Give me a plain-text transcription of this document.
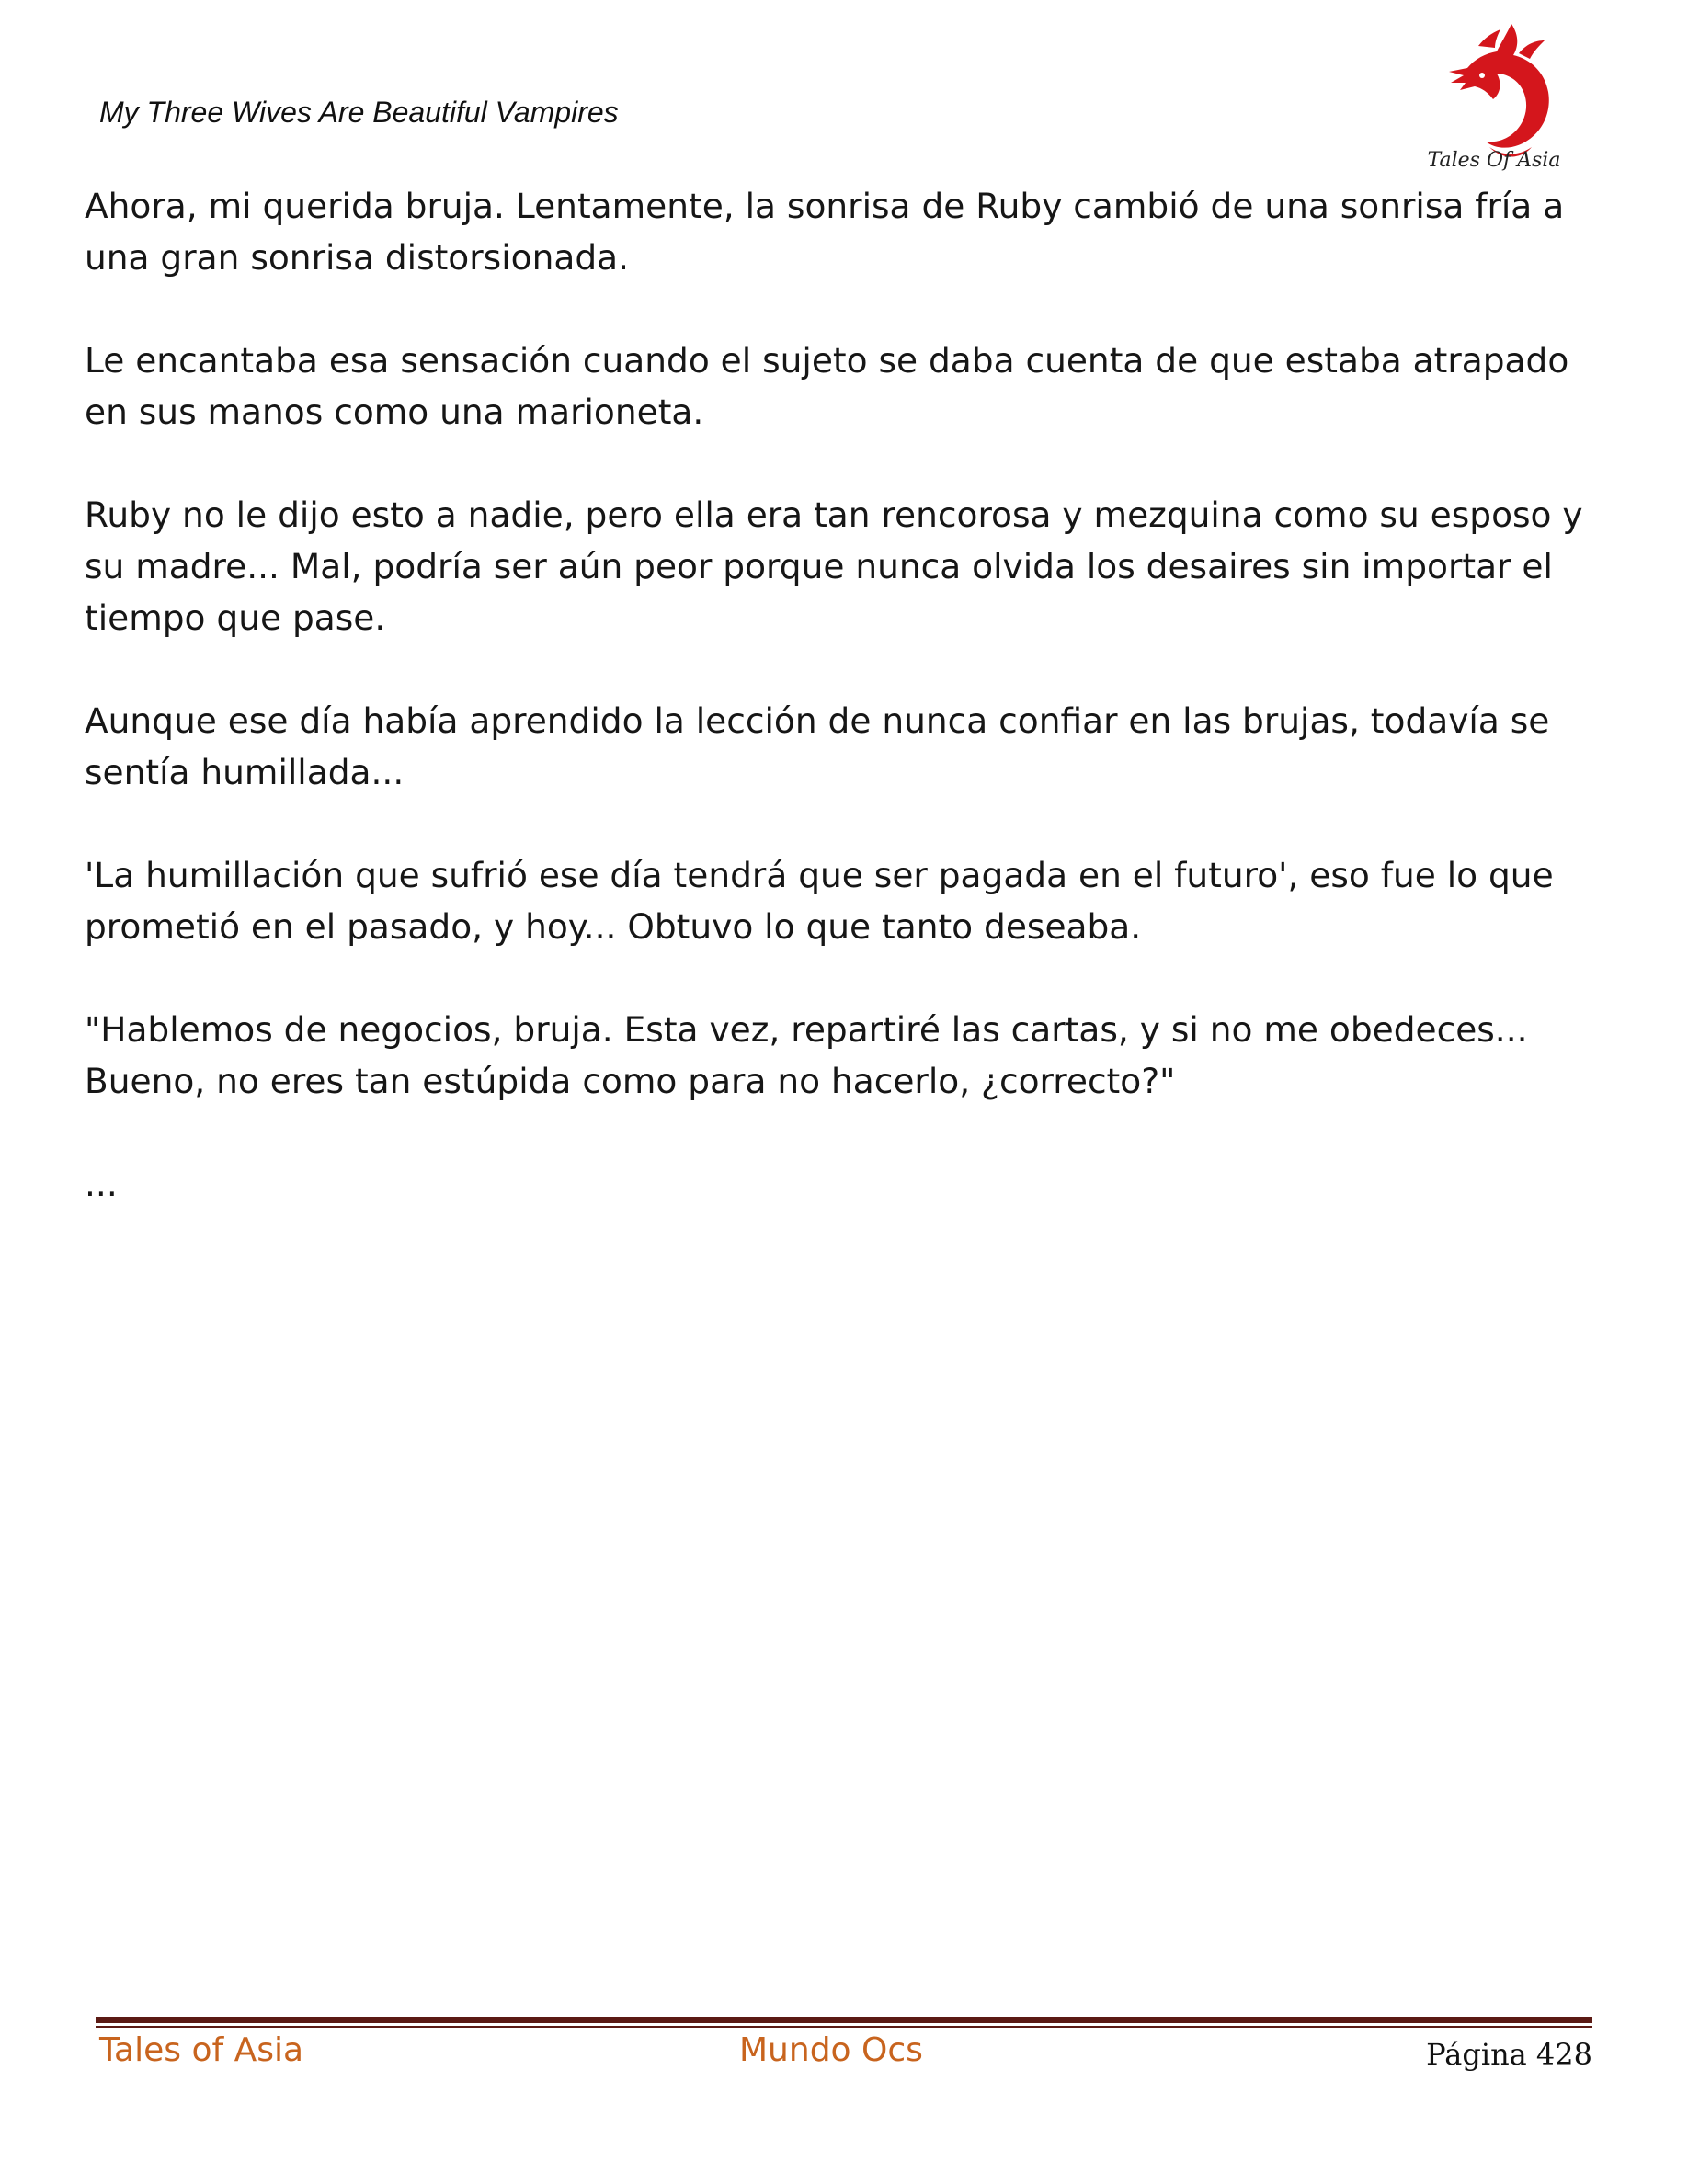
My Three Wives Are Beautiful Vampires
Tales Of Asia

Ahora, mi querida bruja. Lentamente, la sonrisa de Ruby cambió de una sonrisa fría a una gran sonrisa distorsionada.

Le encantaba esa sensación cuando el sujeto se daba cuenta de que estaba atrapado en sus manos como una marioneta.

Ruby no le dijo esto a nadie, pero ella era tan rencorosa y mezquina como su esposo y su madre... Mal, podría ser aún peor porque nunca olvida los desaires sin importar el tiempo que pase.

Aunque ese día había aprendido la lección de nunca confiar en las brujas, todavía se sentía humillada...

'La humillación que sufrió ese día tendrá que ser pagada en el futuro', eso fue lo que prometió en el pasado, y hoy... Obtuvo lo que tanto deseaba.

"Hablemos de negocios, bruja. Esta vez, repartiré las cartas, y si no me obedeces... Bueno, no eres tan estúpida como para no hacerlo, ¿correcto?"

...

Tales of Asia	Mundo Ocs	Página 428
